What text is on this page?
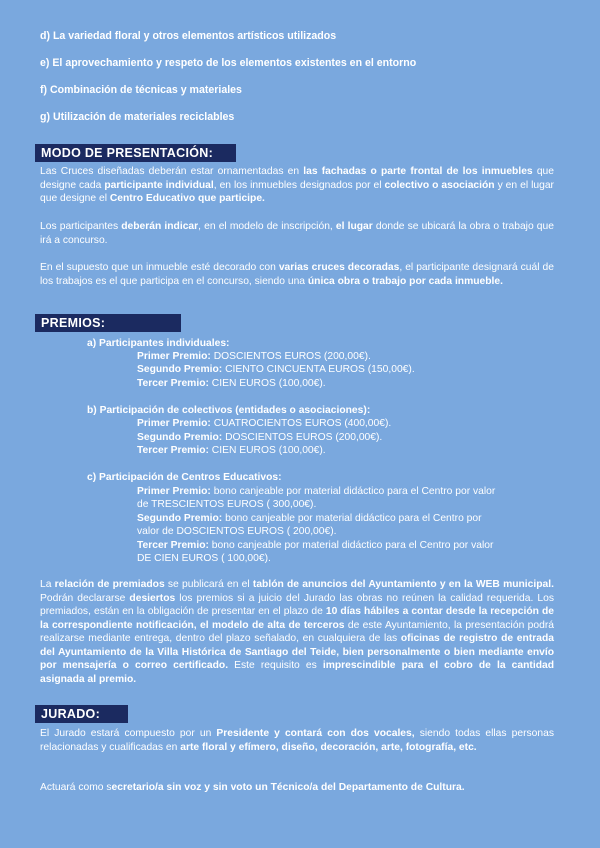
d) La variedad floral y otros elementos artísticos utilizados
e) El aprovechamiento y respeto de los elementos existentes en el entorno
f) Combinación de técnicas y materiales
g) Utilización de materiales reciclables
MODO DE PRESENTACIÓN:
Las Cruces diseñadas deberán estar ornamentadas en las fachadas o parte frontal de los inmuebles que designe cada participante individual, en los inmuebles designados por el colectivo o asociación y en el lugar que designe el Centro Educativo que participe.
Los participantes deberán indicar, en el modelo de inscripción, el lugar donde se ubicará la obra o trabajo que irá a concurso.
En el supuesto que un inmueble esté decorado con varias cruces decoradas, el participante designará cuál de los trabajos es el que participa en el concurso, siendo una única obra o trabajo por cada inmueble.
PREMIOS:
a) Participantes individuales:
Primer Premio: DOSCIENTOS EUROS (200,00€).
Segundo Premio: CIENTO CINCUENTA EUROS (150,00€).
Tercer Premio: CIEN EUROS (100,00€).
b) Participación de colectivos (entidades o asociaciones):
Primer Premio: CUATROCIENTOS EUROS (400,00€).
Segundo Premio: DOSCIENTOS EUROS (200,00€).
Tercer Premio: CIEN EUROS (100,00€).
c) Participación de Centros Educativos:
Primer Premio: bono canjeable por material didáctico para el Centro por valor
de TRESCIENTOS EUROS ( 300,00€).
Segundo Premio: bono canjeable por material didáctico para el Centro por
valor de DOSCIENTOS EUROS ( 200,00€).
Tercer Premio: bono canjeable por material didáctico para el Centro por valor
DE CIEN EUROS ( 100,00€).
La relación de premiados se publicará en el tablón de anuncios del Ayuntamiento y en la WEB municipal. Podrán declararse desiertos los premios si a juicio del Jurado las obras no reúnen la calidad requerida. Los premiados, están en la obligación de presentar en el plazo de 10 días hábiles a contar desde la recepción de la correspondiente notificación, el modelo de alta de terceros de este Ayuntamiento, la presentación podrá realizarse mediante entrega, dentro del plazo señalado, en cualquiera de las oficinas de registro de entrada del Ayuntamiento de la Villa Histórica de Santiago del Teide, bien personalmente o bien mediante envío por mensajería o correo certificado. Este requisito es imprescindible para el cobro de la cantidad asignada al premio.
JURADO:
El Jurado estará compuesto por un Presidente y contará con dos vocales, siendo todas ellas personas relacionadas y cualificadas en arte floral y efímero, diseño, decoración, arte, fotografía, etc.
Actuará como secretario/a sin voz y sin voto un Técnico/a del Departamento de Cultura.
